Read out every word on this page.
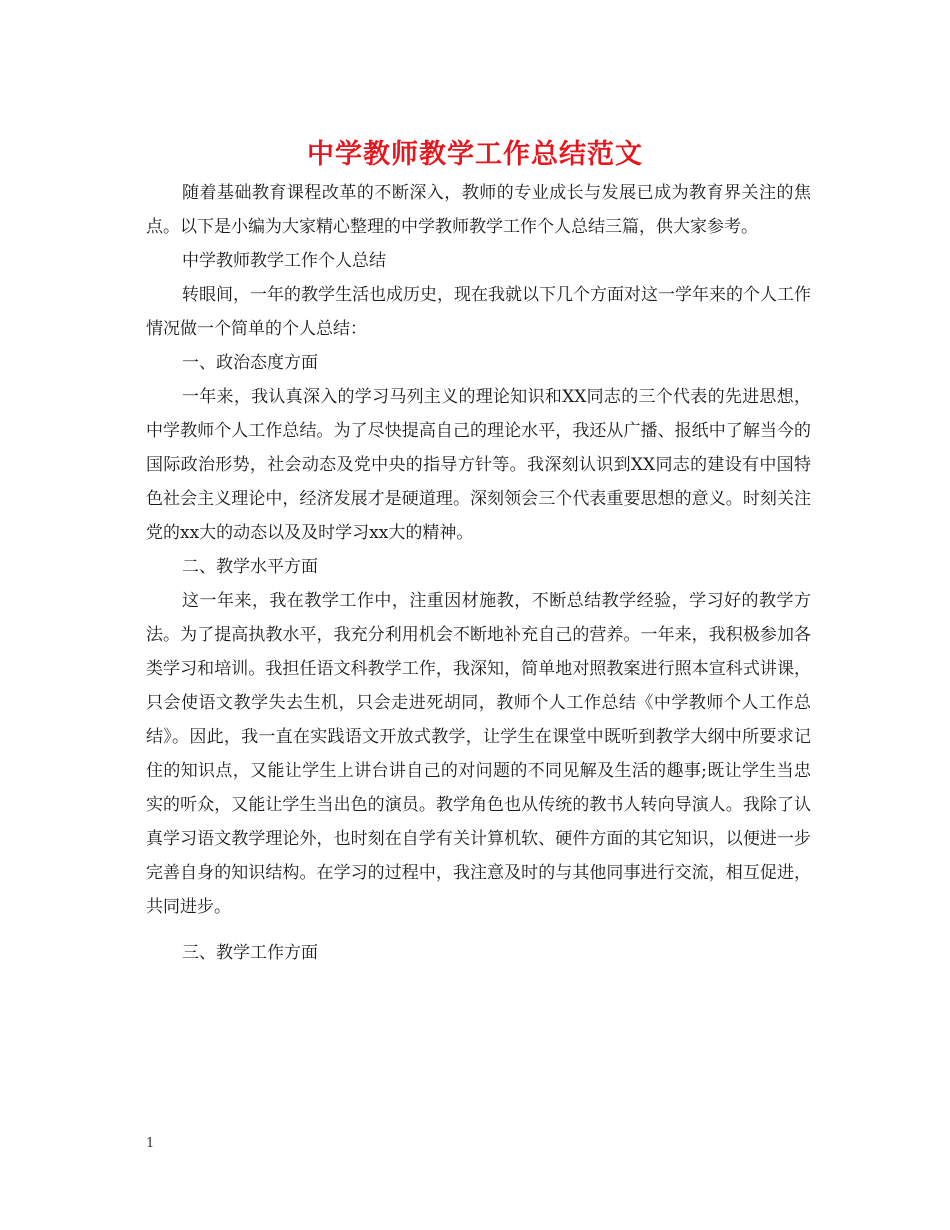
中学教师教学工作总结范文

随着基础教育课程改革的不断深入，教师的专业成长与发展已成为教育界关注的焦点。以下是小编为大家精心整理的中学教师教学工作个人总结三篇，供大家参考。

中学教师教学工作个人总结

转眼间，一年的教学生活也成历史，现在我就以下几个方面对这一学年来的个人工作情况做一个简单的个人总结：

一、政治态度方面

一年来，我认真深入的学习马列主义的理论知识和XX同志的三个代表的先进思想，中学教师个人工作总结。为了尽快提高自己的理论水平，我还从广播、报纸中了解当今的国际政治形势，社会动态及党中央的指导方针等。我深刻认识到XX同志的建设有中国特色社会主义理论中，经济发展才是硬道理。深刻领会三个代表重要思想的意义。时刻关注党的xx大的动态以及及时学习xx大的精神。

二、教学水平方面

这一年来，我在教学工作中，注重因材施教，不断总结教学经验，学习好的教学方法。为了提高执教水平，我充分利用机会不断地补充自己的营养。一年来，我积极参加各类学习和培训。我担任语文科教学工作，我深知，简单地对照教案进行照本宣科式讲课，只会使语文教学失去生机，只会走进死胡同，教师个人工作总结《中学教师个人工作总结》。因此，我一直在实践语文开放式教学，让学生在课堂中既听到教学大纲中所要求记住的知识点，又能让学生上讲台讲自己的对问题的不同见解及生活的趣事;既让学生当忠实的听众，又能让学生当出色的演员。教学角色也从传统的教书人转向导演人。我除了认真学习语文教学理论外，也时刻在自学有关计算机软、硬件方面的其它知识，以便进一步完善自身的知识结构。在学习的过程中，我注意及时的与其他同事进行交流，相互促进，共同进步。

三、教学工作方面

1
